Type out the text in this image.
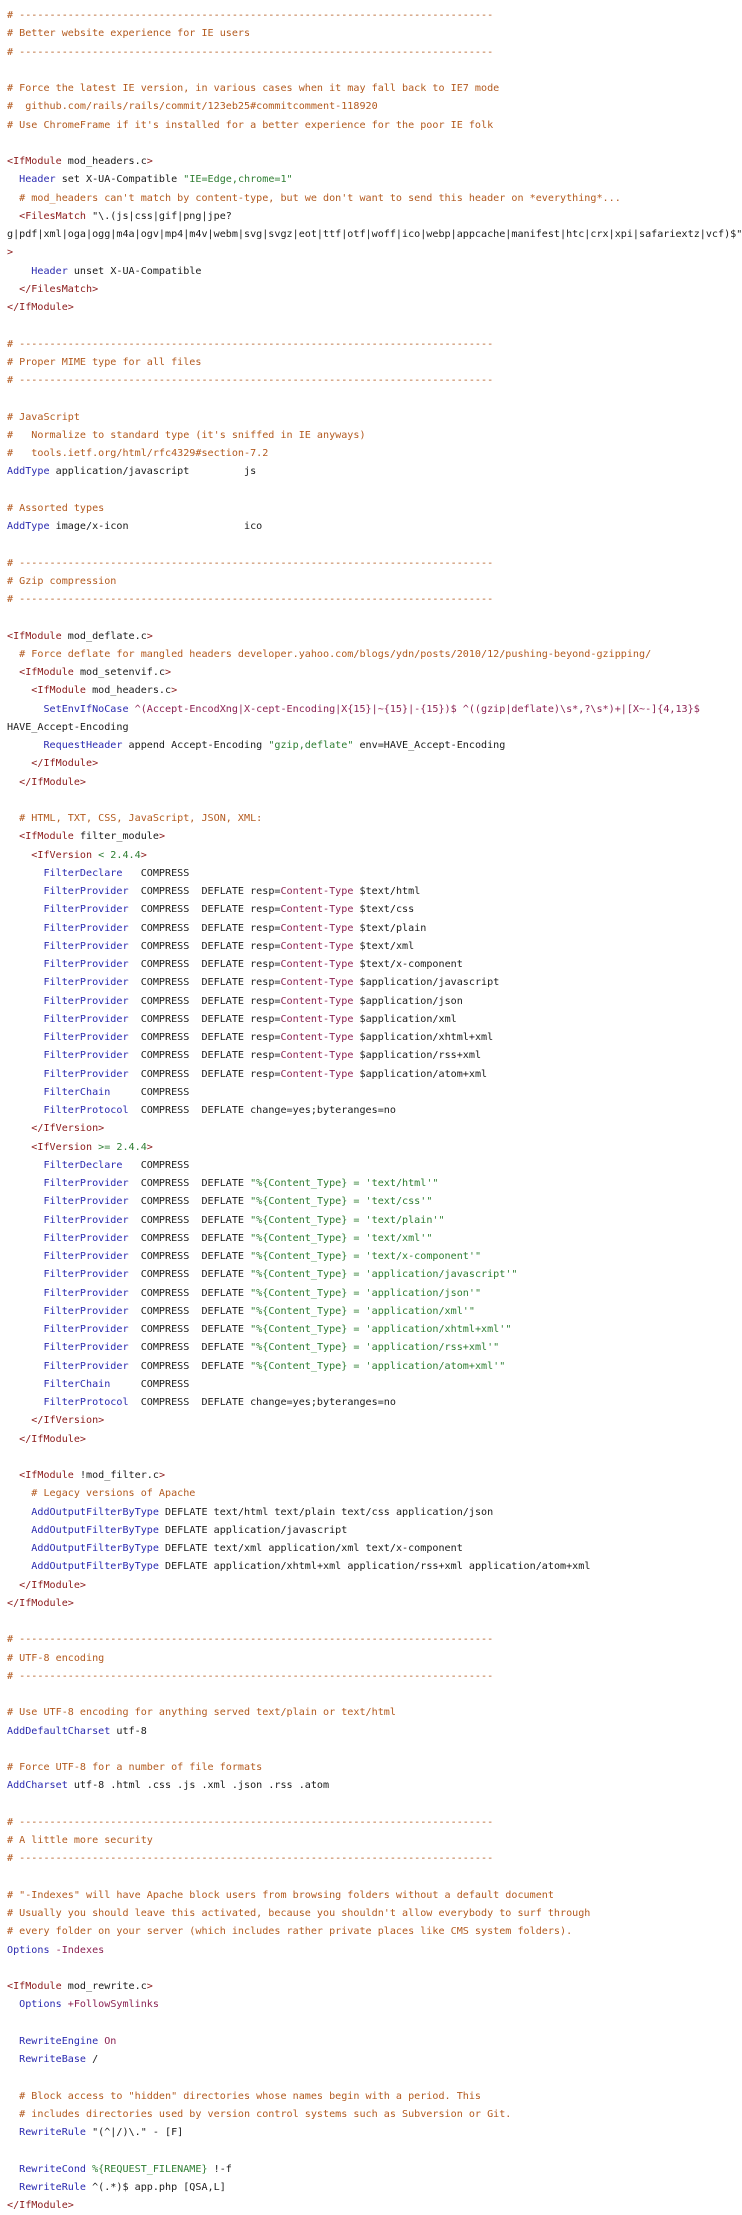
# ------------------------------------------------------------------------------
# Better website experience for IE users
# ------------------------------------------------------------------------------

# Force the latest IE version, in various cases when it may fall back to IE7 mode
#  github.com/rails/rails/commit/123eb25#commitcomment-118920
# Use ChromeFrame if it's installed for a better experience for the poor IE folk

<IfModule mod_headers.c>
Header set X-UA-Compatible "IE=Edge,chrome=1"
# mod_headers can't match by content-type, but we don't want to send this header on *everything*...
<FilesMatch "\.(js|css|gif|png|jpe?
g|pdf|xml|oga|ogg|m4a|ogv|mp4|m4v|webm|svg|svgz|eot|ttf|otf|woff|ico|webp|appcache|manifest|htc|crx|xpi|safariextz|vcf)$"
>
Header unset X-UA-Compatible
</FilesMatch>
</IfModule>

# ------------------------------------------------------------------------------
# Proper MIME type for all files
# ------------------------------------------------------------------------------

# JavaScript
#   Normalize to standard type (it's sniffed in IE anyways)
#   tools.ietf.org/html/rfc4329#section-7.2
AddType application/javascript         js

# Assorted types
AddType image/x-icon                   ico

# ------------------------------------------------------------------------------
# Gzip compression
# ------------------------------------------------------------------------------

<IfModule mod_deflate.c>
# Force deflate for mangled headers developer.yahoo.com/blogs/ydn/posts/2010/12/pushing-beyond-gzipping/
<IfModule mod_setenvif.c>
<IfModule mod_headers.c>
SetEnvIfNoCase ^(Accept-EncodXng|X-cept-Encoding|X{15}|~{15}|-{15})$ ^((gzip|deflate)\s*,?\s*)+|[X~-]{4,13}$
HAVE_Accept-Encoding
RequestHeader append Accept-Encoding "gzip,deflate" env=HAVE_Accept-Encoding
</IfModule>
</IfModule>

# HTML, TXT, CSS, JavaScript, JSON, XML:
<IfModule filter_module>
<IfVersion < 2.4.4>
FilterDeclare   COMPRESS
FilterProvider  COMPRESS  DEFLATE resp=Content-Type $text/html
FilterProvider  COMPRESS  DEFLATE resp=Content-Type $text/css
FilterProvider  COMPRESS  DEFLATE resp=Content-Type $text/plain
FilterProvider  COMPRESS  DEFLATE resp=Content-Type $text/xml
FilterProvider  COMPRESS  DEFLATE resp=Content-Type $text/x-component
FilterProvider  COMPRESS  DEFLATE resp=Content-Type $application/javascript
FilterProvider  COMPRESS  DEFLATE resp=Content-Type $application/json
FilterProvider  COMPRESS  DEFLATE resp=Content-Type $application/xml
FilterProvider  COMPRESS  DEFLATE resp=Content-Type $application/xhtml+xml
FilterProvider  COMPRESS  DEFLATE resp=Content-Type $application/rss+xml
FilterProvider  COMPRESS  DEFLATE resp=Content-Type $application/atom+xml
FilterChain     COMPRESS
FilterProtocol  COMPRESS  DEFLATE change=yes;byteranges=no
</IfVersion>
<IfVersion >= 2.4.4>
FilterDeclare   COMPRESS
FilterProvider  COMPRESS  DEFLATE "%{Content_Type} = 'text/html'"
FilterProvider  COMPRESS  DEFLATE "%{Content_Type} = 'text/css'"
FilterProvider  COMPRESS  DEFLATE "%{Content_Type} = 'text/plain'"
FilterProvider  COMPRESS  DEFLATE "%{Content_Type} = 'text/xml'"
FilterProvider  COMPRESS  DEFLATE "%{Content_Type} = 'text/x-component'"
FilterProvider  COMPRESS  DEFLATE "%{Content_Type} = 'application/javascript'"
FilterProvider  COMPRESS  DEFLATE "%{Content_Type} = 'application/json'"
FilterProvider  COMPRESS  DEFLATE "%{Content_Type} = 'application/xml'"
FilterProvider  COMPRESS  DEFLATE "%{Content_Type} = 'application/xhtml+xml'"
FilterProvider  COMPRESS  DEFLATE "%{Content_Type} = 'application/rss+xml'"
FilterProvider  COMPRESS  DEFLATE "%{Content_Type} = 'application/atom+xml'"
FilterChain     COMPRESS
FilterProtocol  COMPRESS  DEFLATE change=yes;byteranges=no
</IfVersion>
</IfModule>

<IfModule !mod_filter.c>
# Legacy versions of Apache
AddOutputFilterByType DEFLATE text/html text/plain text/css application/json
AddOutputFilterByType DEFLATE application/javascript
AddOutputFilterByType DEFLATE text/xml application/xml text/x-component
AddOutputFilterByType DEFLATE application/xhtml+xml application/rss+xml application/atom+xml
</IfModule>
</IfModule>

# ------------------------------------------------------------------------------
# UTF-8 encoding
# ------------------------------------------------------------------------------

# Use UTF-8 encoding for anything served text/plain or text/html
AddDefaultCharset utf-8

# Force UTF-8 for a number of file formats
AddCharset utf-8 .html .css .js .xml .json .rss .atom

# ------------------------------------------------------------------------------
# A little more security
# ------------------------------------------------------------------------------

# "-Indexes" will have Apache block users from browsing folders without a default document
# Usually you should leave this activated, because you shouldn't allow everybody to surf through
# every folder on your server (which includes rather private places like CMS system folders).
Options -Indexes

<IfModule mod_rewrite.c>
Options +FollowSymlinks

RewriteEngine On
RewriteBase /

# Block access to "hidden" directories whose names begin with a period. This
# includes directories used by version control systems such as Subversion or Git.
RewriteRule "(^|/)\." - [F]

RewriteCond %{REQUEST_FILENAME} !-f
RewriteRule ^(.*)$ app.php [QSA,L]
</IfModule>
